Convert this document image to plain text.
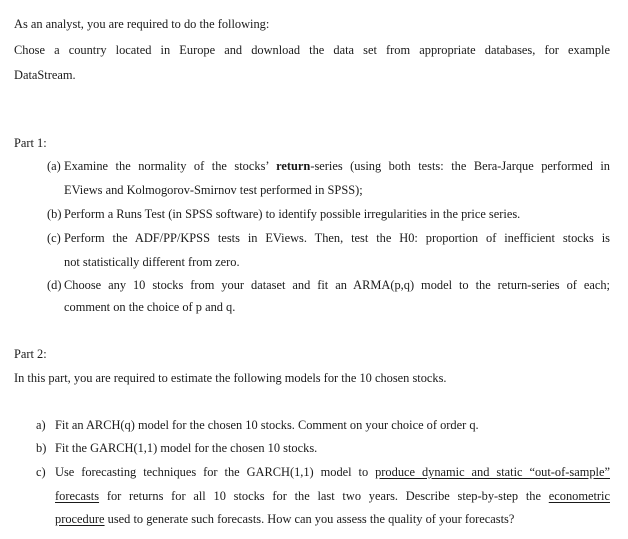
As an analyst, you are required to do the following:
Chose a country located in Europe and download the data set from appropriate databases, for example
DataStream.
Part 1:
(a) Examine the normality of the stocks’ return-series (using both tests: the Bera-Jarque performed in
EViews and Kolmogorov-Smirnov test performed in SPSS);
(b) Perform a Runs Test (in SPSS software) to identify possible irregularities in the price series.
(c) Perform the ADF/PP/KPSS tests in EViews. Then, test the H0: proportion of inefficient stocks is
not statistically different from zero.
(d) Choose any 10 stocks from your dataset and fit an ARMA(p,q) model to the return-series of each;
comment on the choice of p and q.
Part 2:
In this part, you are required to estimate the following models for the 10 chosen stocks.
a) Fit an ARCH(q) model for the chosen 10 stocks. Comment on your choice of order q.
b) Fit the GARCH(1,1) model for the chosen 10 stocks.
c) Use forecasting techniques for the GARCH(1,1) model to produce dynamic and static “out-of-sample”
forecasts for returns for all 10 stocks for the last two years. Describe step-by-step the econometric
procedure used to generate such forecasts. How can you assess the quality of your forecasts?
